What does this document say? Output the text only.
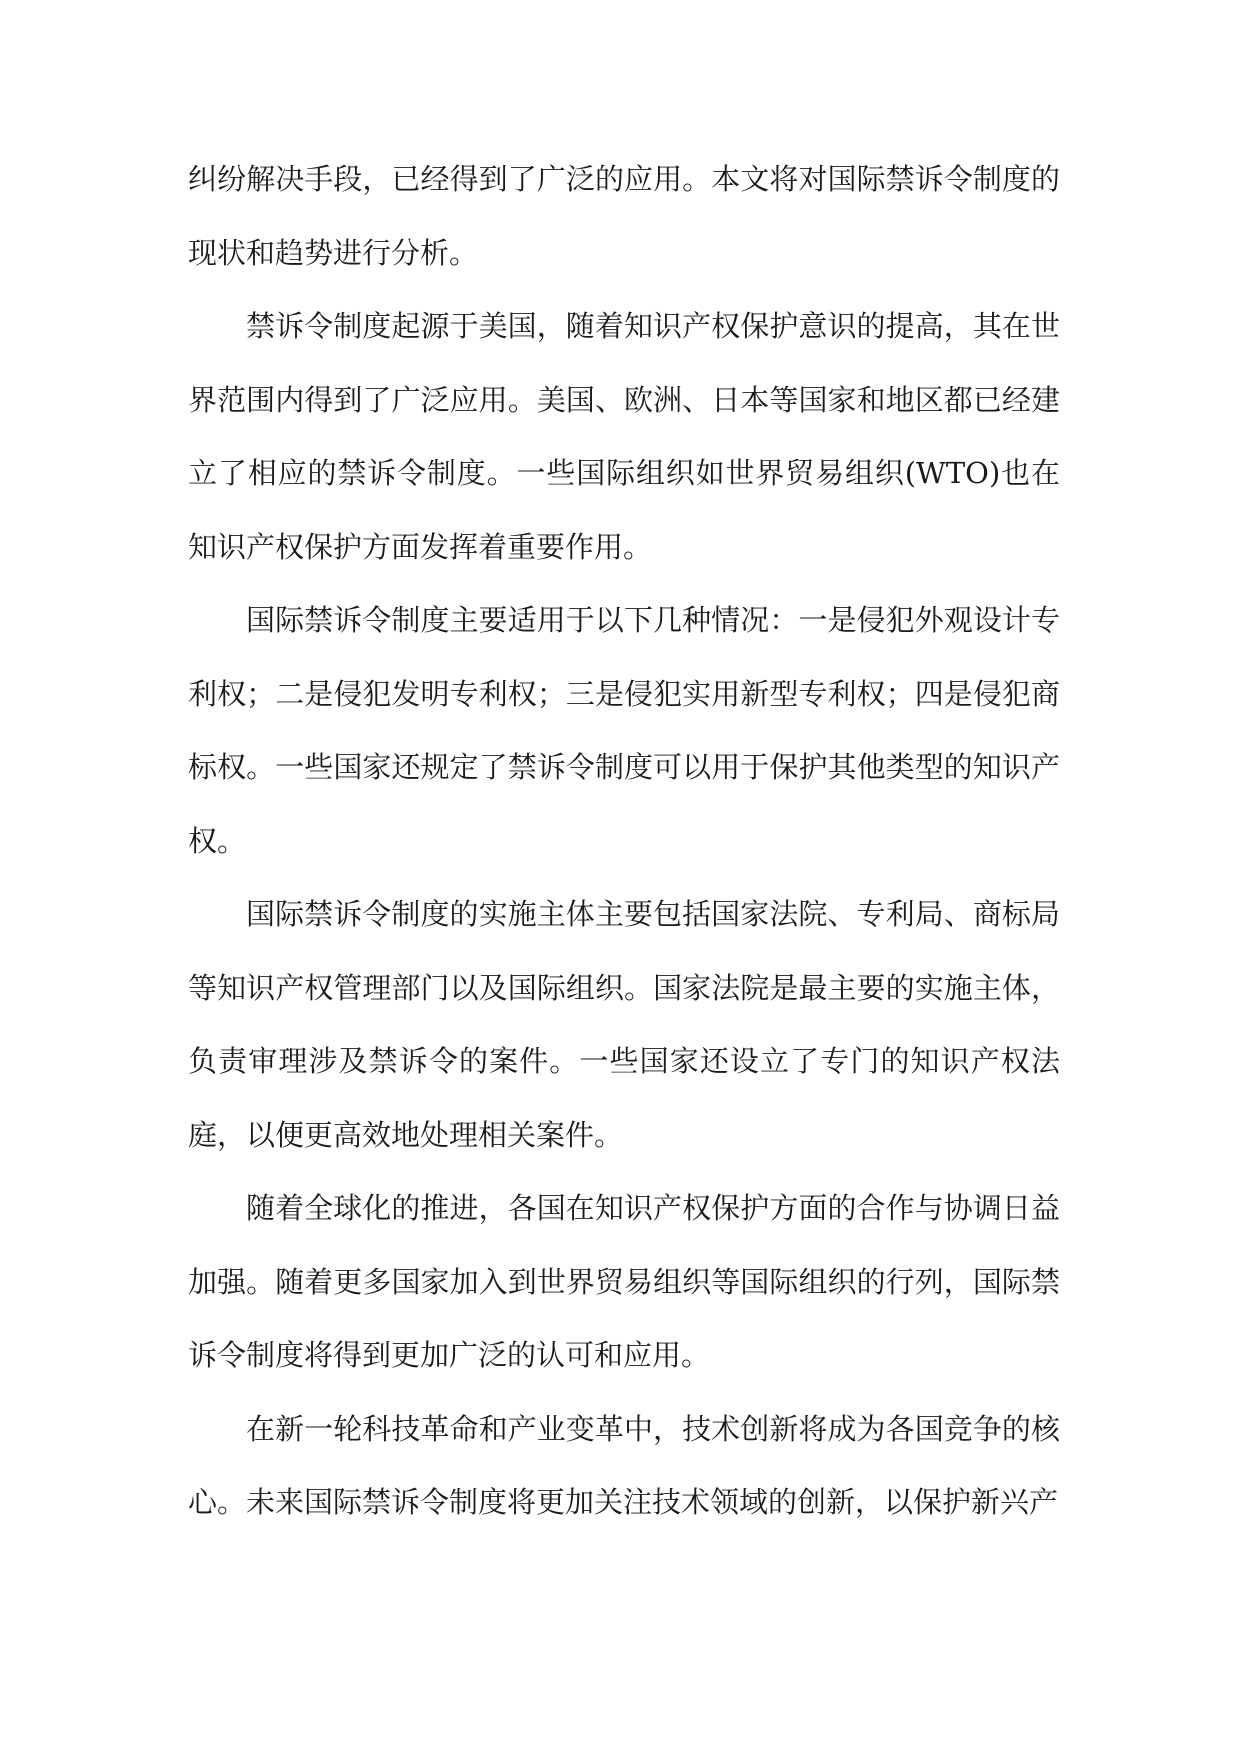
纠纷解决手段，已经得到了广泛的应用。本文将对国际禁诉令制度的现状和趋势进行分析。

禁诉令制度起源于美国，随着知识产权保护意识的提高，其在世界范围内得到了广泛应用。美国、欧洲、日本等国家和地区都已经建立了相应的禁诉令制度。一些国际组织如世界贸易组织(WTO)也在知识产权保护方面发挥着重要作用。

国际禁诉令制度主要适用于以下几种情况：一是侵犯外观设计专利权；二是侵犯发明专利权；三是侵犯实用新型专利权；四是侵犯商标权。一些国家还规定了禁诉令制度可以用于保护其他类型的知识产权。

国际禁诉令制度的实施主体主要包括国家法院、专利局、商标局等知识产权管理部门以及国际组织。国家法院是最主要的实施主体，负责审理涉及禁诉令的案件。一些国家还设立了专门的知识产权法庭，以便更高效地处理相关案件。

随着全球化的推进，各国在知识产权保护方面的合作与协调日益加强。随着更多国家加入到世界贸易组织等国际组织的行列，国际禁诉令制度将得到更加广泛的认可和应用。

在新一轮科技革命和产业变革中，技术创新将成为各国竞争的核心。未来国际禁诉令制度将更加关注技术领域的创新，以保护新兴产
